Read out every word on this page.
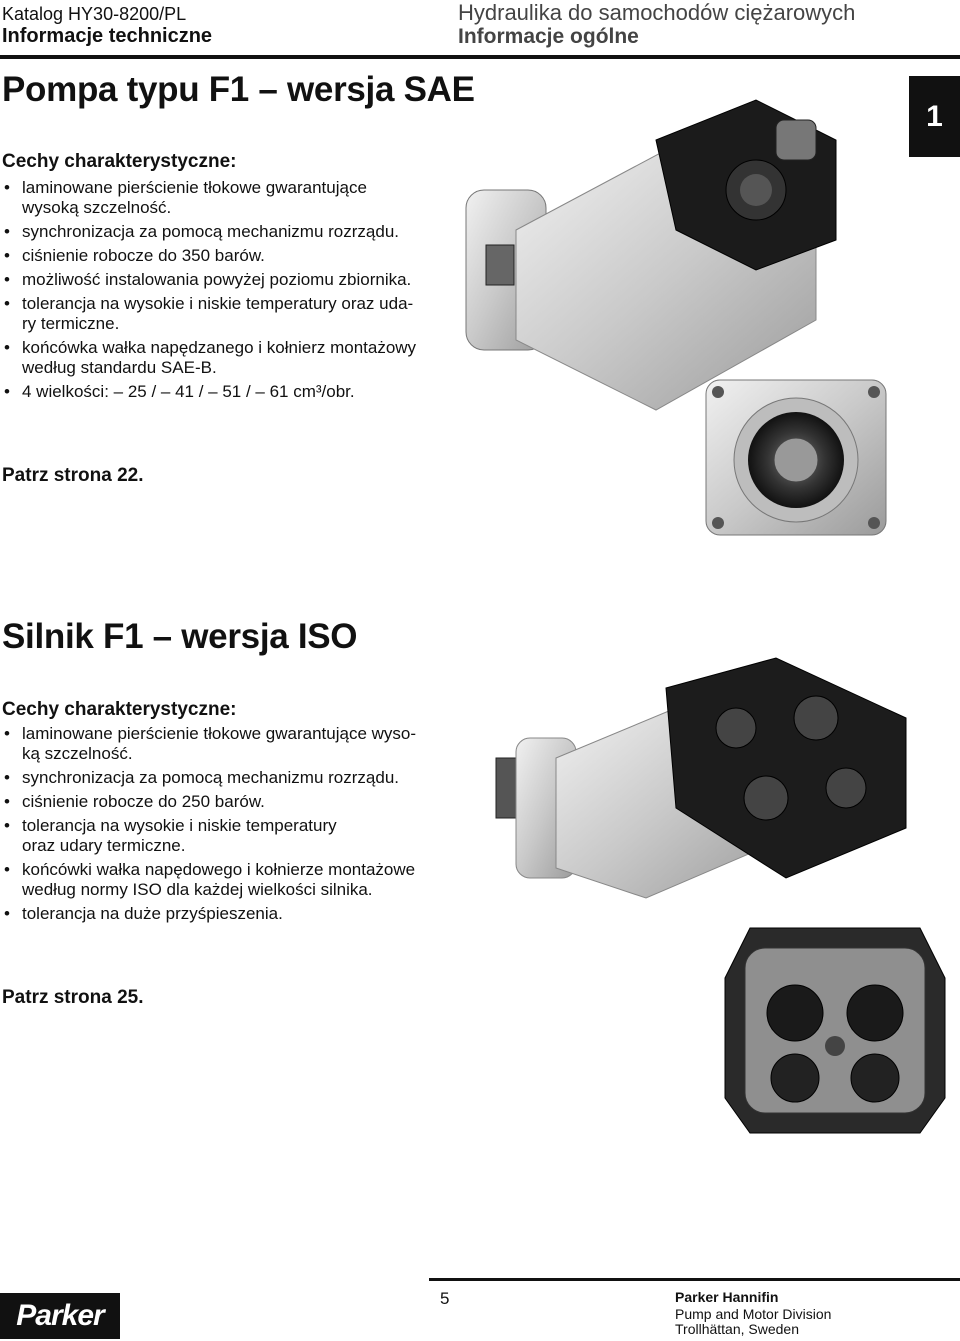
Katalog HY30-8200/PL
Informacje techniczne
Hydraulika do samochodów ciężarowych
Informacje ogólne
1
Pompa typu F1 – wersja SAE
Cechy charakterystyczne:
• laminowane pierścienie tłokowe gwarantujące
wysoką szczelność.
• synchronizacja za pomocą mechanizmu rozrządu.
• ciśnienie robocze do 350 barów.
• możliwość instalowania powyżej poziomu zbiornika.
• tolerancja na wysokie i niskie temperatury oraz uda-
ry termiczne.
• końcówka wałka napędzanego i kołnierz montażowy
według standardu SAE-B.
• 4 wielkości: – 25 / – 41 / – 51 / – 61 cm³/obr.
Patrz strona 22.
Silnik F1 – wersja ISO
Cechy charakterystyczne:
• laminowane pierścienie tłokowe gwarantujące wyso-
ką szczelność.
• synchronizacja za pomocą mechanizmu rozrządu.
• ciśnienie robocze do 250 barów.
• tolerancja na wysokie i niskie temperatury
oraz udary termiczne.
• końcówki wałka napędowego i kołnierze montażowe
według normy ISO dla każdej wielkości silnika.
• tolerancja na duże przyśpieszenia.
Patrz strona 25.
5	Parker Hannifin
Pump and Motor Division
Trollhättan, Sweden
Parker
